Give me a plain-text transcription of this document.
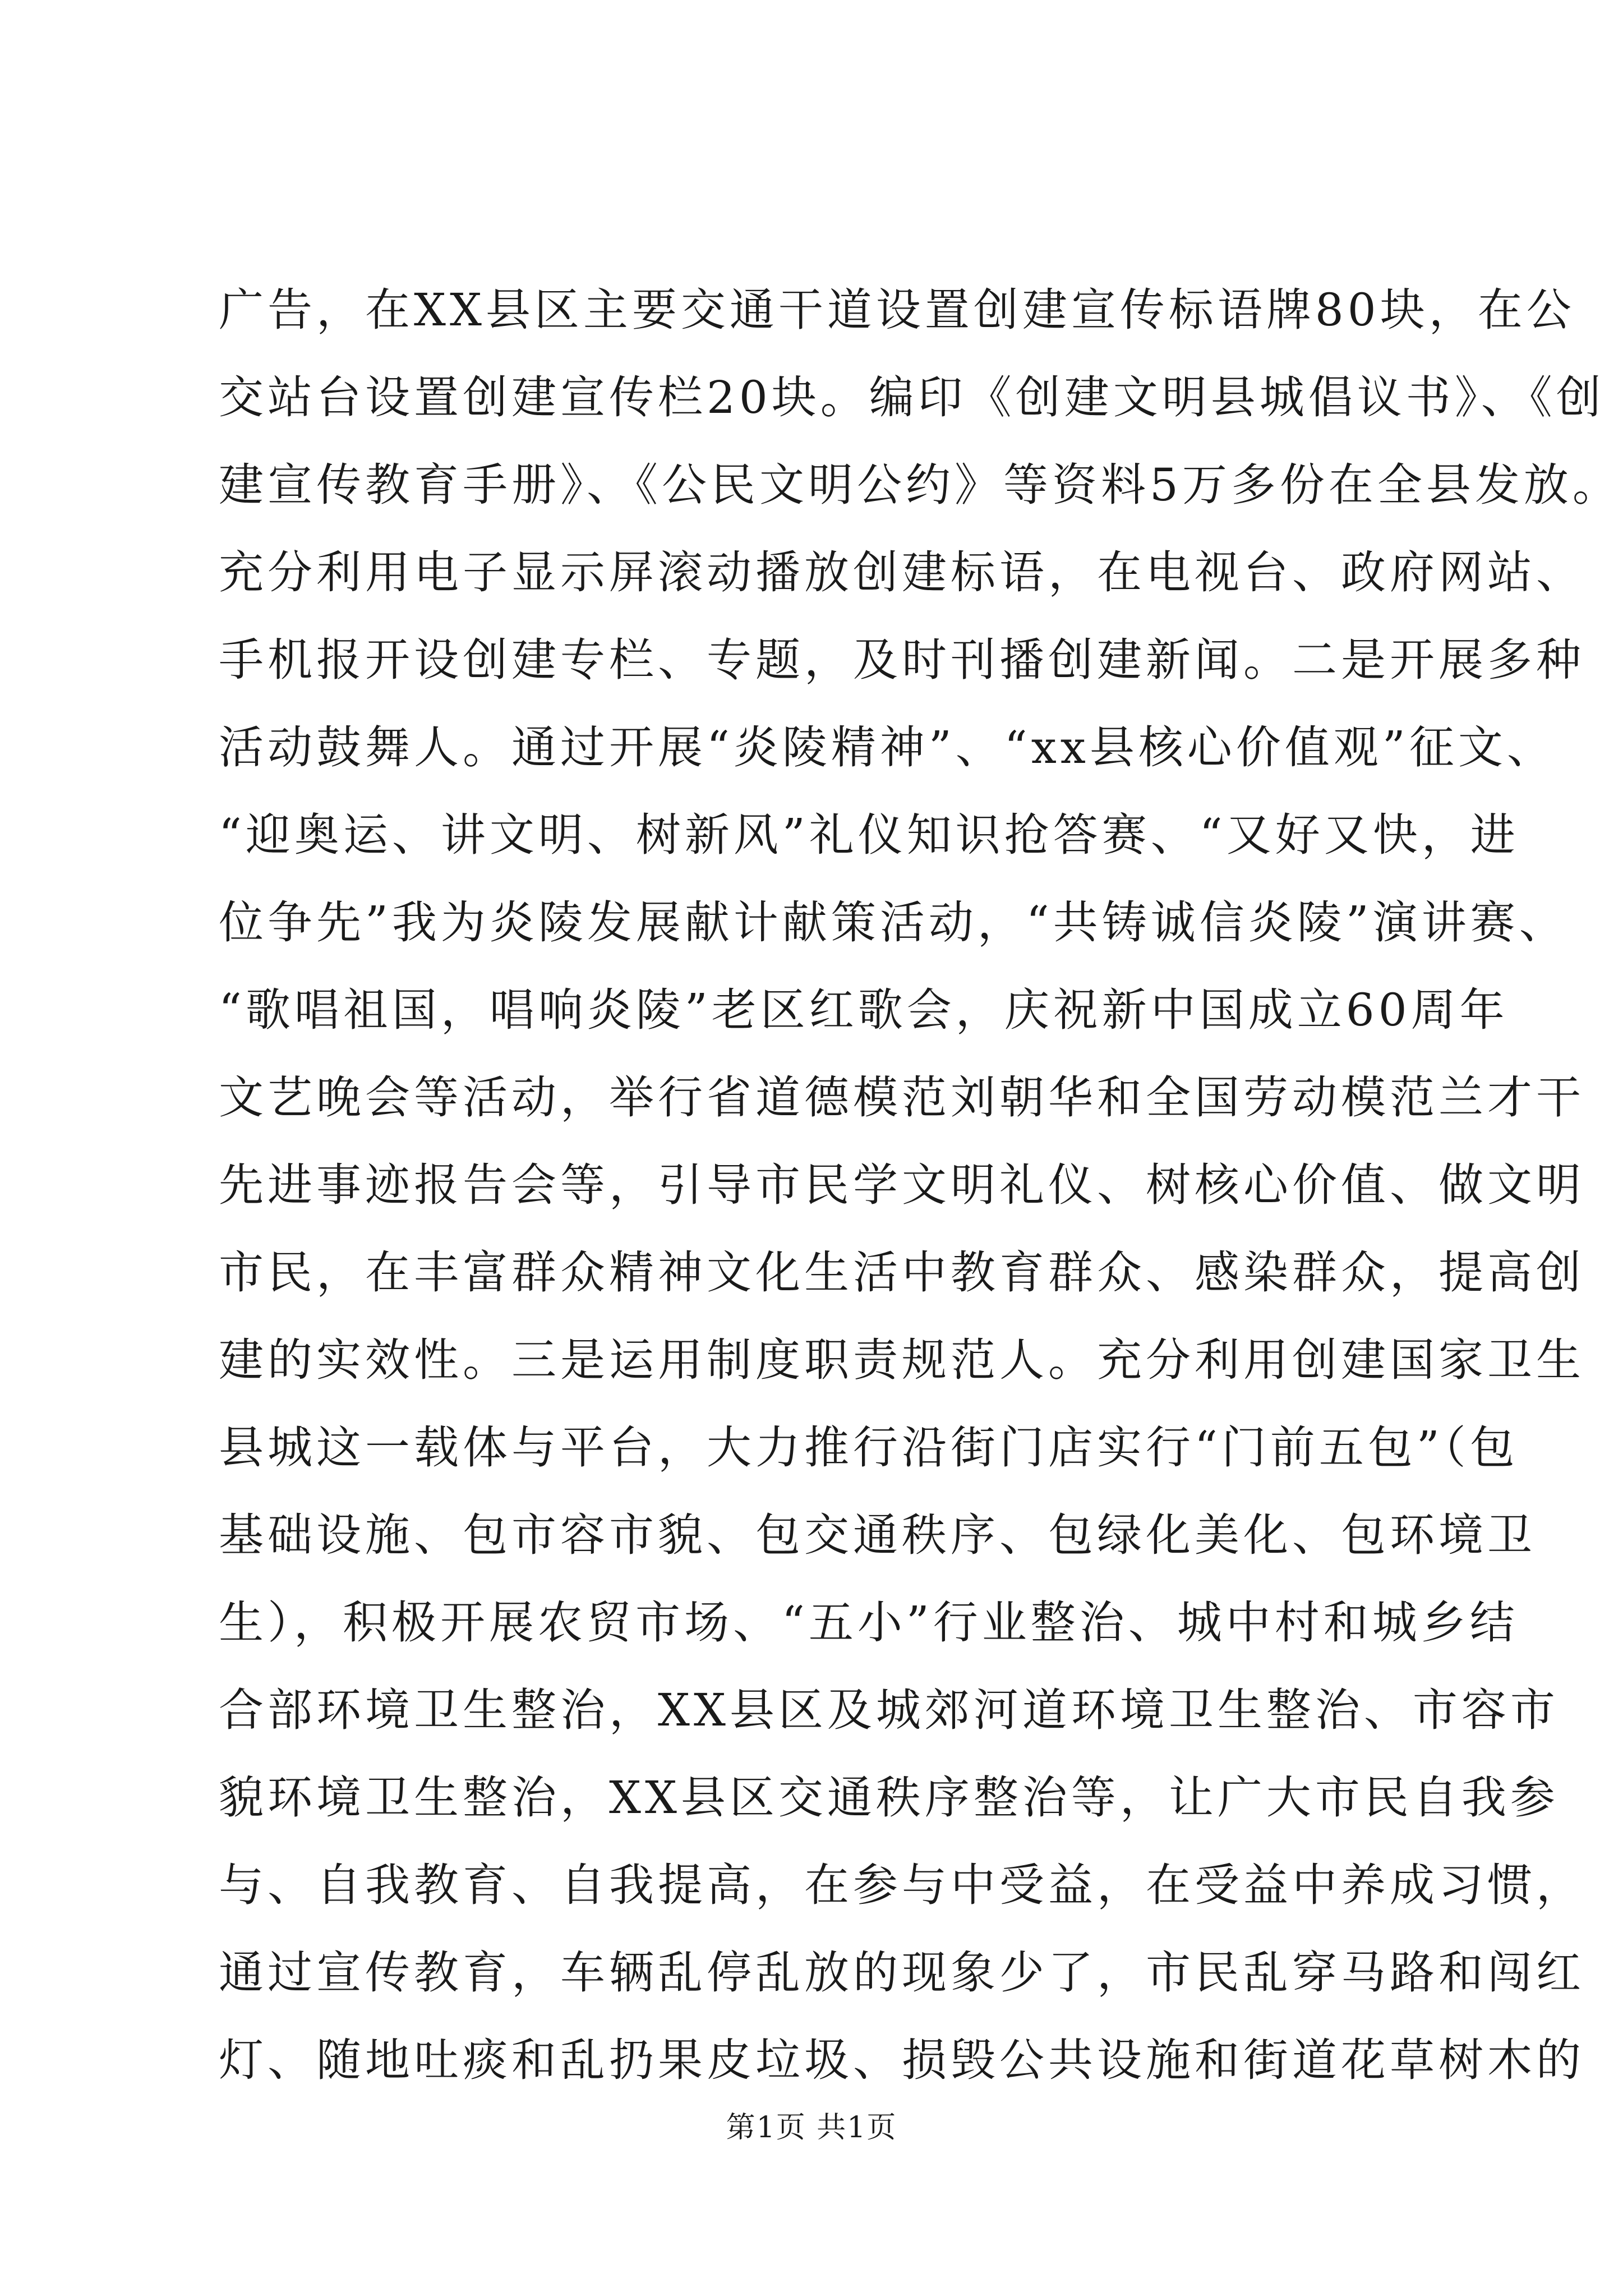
广告，在XX县区主要交通干道设置创建宣传标语牌80块，在公
交站台设置创建宣传栏20块。编印《创建文明县城倡议书》、《创
建宣传教育手册》、《公民文明公约》等资料5万多份在全县发放。
充分利用电子显示屏滚动播放创建标语，在电视台、政府网站、
手机报开设创建专栏、专题，及时刊播创建新闻。二是开展多种
活动鼓舞人。通过开展“炎陵精神”、“xx县核心价值观”征文、
“迎奥运、讲文明、树新风”礼仪知识抢答赛、“又好又快，进
位争先”我为炎陵发展献计献策活动，“共铸诚信炎陵”演讲赛、
“歌唱祖国，唱响炎陵”老区红歌会，庆祝新中国成立60周年
文艺晚会等活动，举行省道德模范刘朝华和全国劳动模范兰才干
先进事迹报告会等，引导市民学文明礼仪、树核心价值、做文明
市民，在丰富群众精神文化生活中教育群众、感染群众，提高创
建的实效性。三是运用制度职责规范人。充分利用创建国家卫生
县城这一载体与平台，大力推行沿街门店实行“门前五包”（包
基础设施、包市容市貌、包交通秩序、包绿化美化、包环境卫
生），积极开展农贸市场、“五小”行业整治、城中村和城乡结
合部环境卫生整治，XX县区及城郊河道环境卫生整治、市容市
貌环境卫生整治，XX县区交通秩序整治等，让广大市民自我参
与、自我教育、自我提高，在参与中受益，在受益中养成习惯，
通过宣传教育，车辆乱停乱放的现象少了，市民乱穿马路和闯红
灯、随地吐痰和乱扔果皮垃圾、损毁公共设施和街道花草树木的
第1页 共1页
